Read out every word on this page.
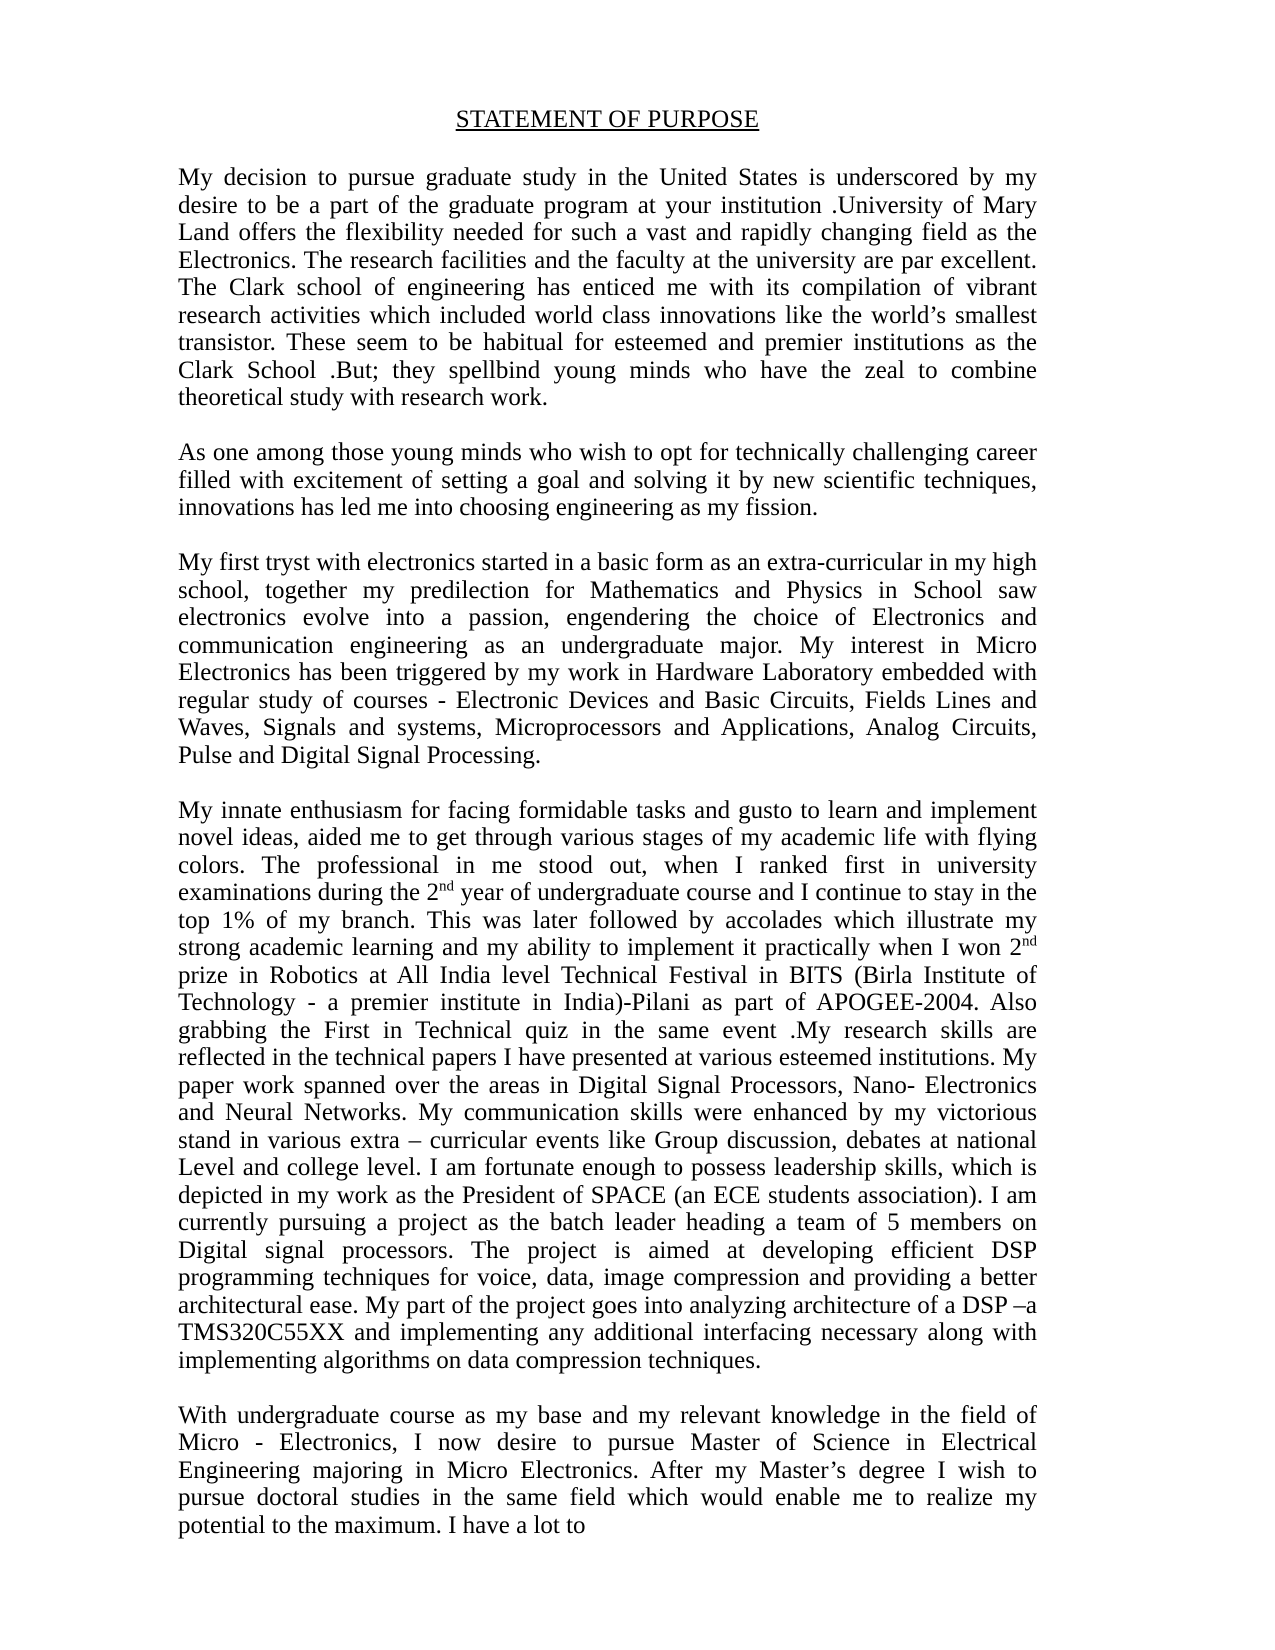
STATEMENT OF PURPOSE

My decision to pursue graduate study in the United States is underscored by my desire to be a part of the graduate program at your institution .University of Mary Land offers the flexibility needed for such a vast and rapidly changing field as the Electronics. The research facilities and the faculty at the university are par excellent. The Clark school of engineering has enticed me with its compilation of vibrant research activities which included world class innovations like the world’s smallest transistor. These seem to be habitual for esteemed and premier institutions as the Clark School .But; they spellbind young minds who have the zeal to combine theoretical study with research work.

As one among those young minds who wish to opt for technically challenging career filled with excitement of setting a goal and solving it by new scientific techniques, innovations has led me into choosing engineering as my fission.

My first tryst with electronics started in a basic form as an extra-curricular in my high school, together my predilection for Mathematics and Physics in School saw electronics evolve into a passion, engendering the choice of Electronics and communication engineering as an undergraduate major. My interest in Micro Electronics has been triggered by my work in Hardware Laboratory embedded with regular study of courses - Electronic Devices and Basic Circuits, Fields Lines and Waves, Signals and systems, Microprocessors and Applications, Analog Circuits, Pulse and Digital Signal Processing.

My innate enthusiasm for facing formidable tasks and gusto to learn and implement novel ideas, aided me to get through various stages of my academic life with flying colors. The professional in me stood out, when I ranked first in university examinations during the 2nd year of undergraduate course and I continue to stay in the top 1% of my branch. This was later followed by accolades which illustrate my strong academic learning and my ability to implement it practically when I won 2nd prize in Robotics at All India level Technical Festival in BITS (Birla Institute of Technology - a premier institute in India)-Pilani as part of APOGEE-2004. Also grabbing the First in Technical quiz in the same event .My research skills are reflected in the technical papers I have presented at various esteemed institutions. My paper work spanned over the areas in Digital Signal Processors, Nano- Electronics and Neural Networks. My communication skills were enhanced by my victorious stand in various extra – curricular events like Group discussion, debates at national Level and college level. I am fortunate enough to possess leadership skills, which is depicted in my work as the President of SPACE (an ECE students association). I am currently pursuing a project as the batch leader heading a team of 5 members on Digital signal processors. The project is aimed at developing efficient DSP programming techniques for voice, data, image compression and providing a better architectural ease. My part of the project goes into analyzing architecture of a DSP –a TMS320C55XX and implementing any additional interfacing necessary along with implementing algorithms on data compression techniques.

With undergraduate course as my base and my relevant knowledge in the field of Micro - Electronics, I now desire to pursue Master of Science in Electrical Engineering majoring in Micro Electronics. After my Master’s degree I wish to pursue doctoral studies in the same field which would enable me to realize my potential to the maximum. I have a lot to
